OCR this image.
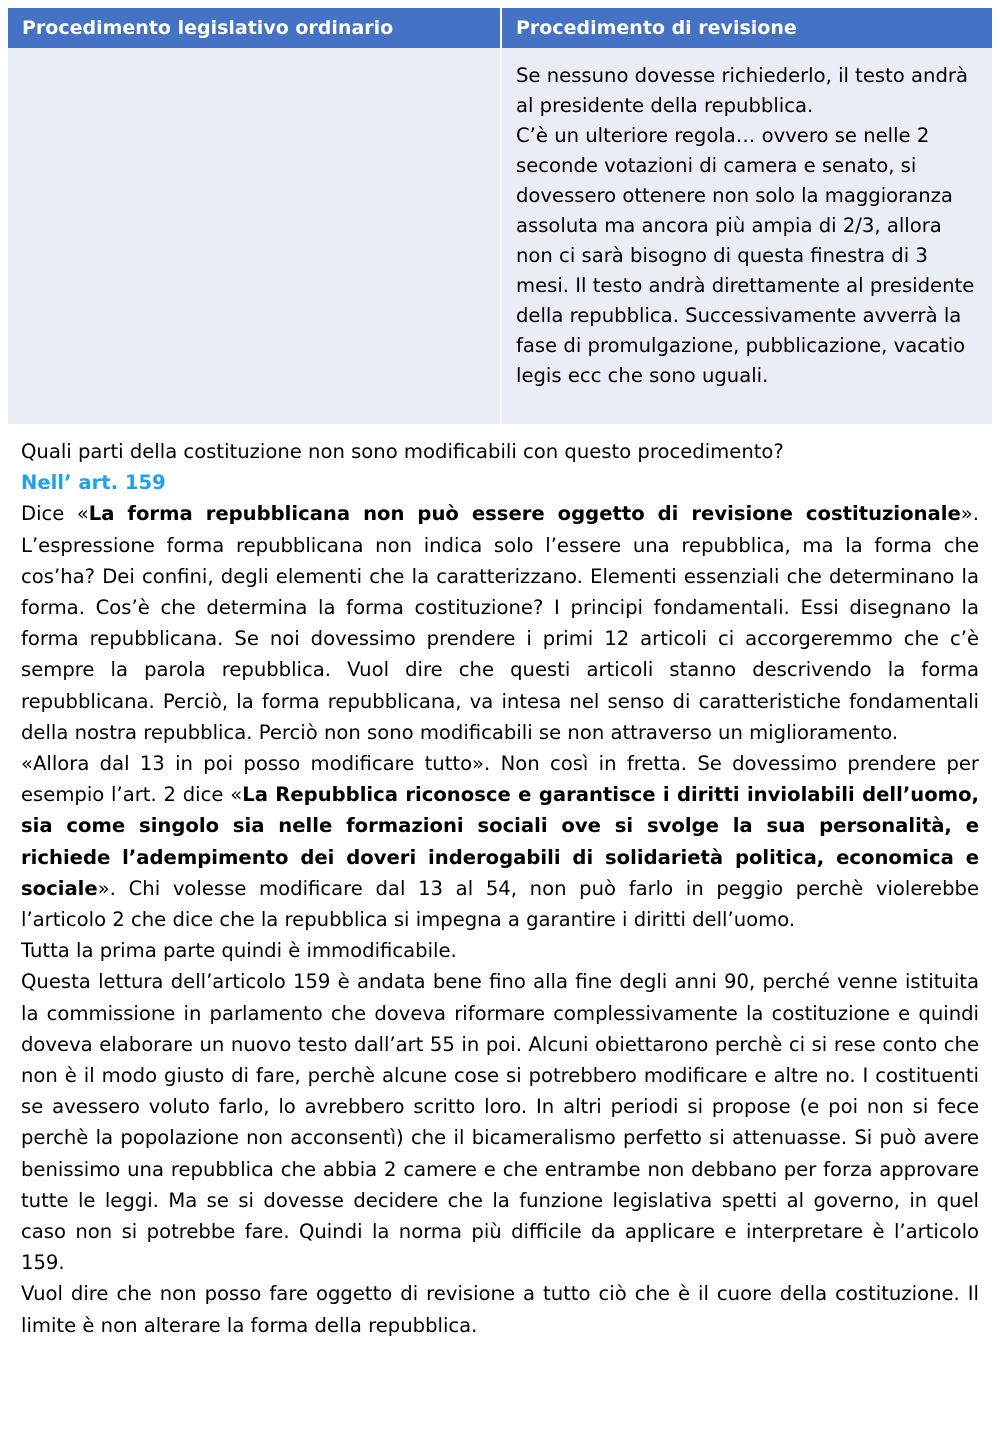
Procedimento legislativo ordinario	Procedimento di revisione

Se nessuno dovesse richiederlo, il testo andrà al presidente della repubblica.

C’è un ulteriore regola… ovvero se nelle 2 seconde votazioni di camera e senato, si dovessero ottenere non solo la maggioranza assoluta ma ancora più ampia di 2/3, allora non ci sarà bisogno di questa finestra di 3 mesi. Il testo andrà direttamente al presidente della repubblica. Successivamente avverrà la fase di promulgazione, pubblicazione, vacatio legis ecc che sono uguali.

Quali parti della costituzione non sono modificabili con questo procedimento?

Nell’ art. 159

Dice «La forma repubblicana non può essere oggetto di revisione costituzionale». L’espressione forma repubblicana non indica solo l’essere una repubblica, ma la forma che cos’ha? Dei confini, degli elementi che la caratterizzano. Elementi essenziali che determinano la forma. Cos’è che determina la forma costituzione? I principi fondamentali. Essi disegnano la forma repubblicana. Se noi dovessimo prendere i primi 12 articoli ci accorgeremmo che c’è sempre la parola repubblica. Vuol dire che questi articoli stanno descrivendo la forma repubblicana. Perciò, la forma repubblicana, va intesa nel senso di caratteristiche fondamentali della nostra repubblica. Perciò non sono modificabili se non attraverso un miglioramento.

«Allora dal 13 in poi posso modificare tutto». Non così in fretta. Se dovessimo prendere per esempio l’art. 2 dice «La Repubblica riconosce e garantisce i diritti inviolabili dell’uomo, sia come singolo sia nelle formazioni sociali ove si svolge la sua personalità, e richiede l’adempimento dei doveri inderogabili di solidarietà politica, economica e sociale». Chi volesse modificare dal 13 al 54, non può farlo in peggio perchè violerebbe l’articolo 2 che dice che la repubblica si impegna a garantire i diritti dell’uomo.

Tutta la prima parte quindi è immodificabile.

Questa lettura dell’articolo 159 è andata bene fino alla fine degli anni 90, perché venne istituita la commissione in parlamento che doveva riformare complessivamente la costituzione e quindi doveva elaborare un nuovo testo dall’art 55 in poi. Alcuni obiettarono perchè ci si rese conto che non è il modo giusto di fare, perchè alcune cose si potrebbero modificare e altre no. I costituenti se avessero voluto farlo, lo avrebbero scritto loro. In altri periodi si propose (e poi non si fece perchè la popolazione non acconsentì) che il bicameralismo perfetto si attenuasse. Si può avere benissimo una repubblica che abbia 2 camere e che entrambe non debbano per forza approvare tutte le leggi. Ma se si dovesse decidere che la funzione legislativa spetti al governo, in quel caso non si potrebbe fare. Quindi la norma più difficile da applicare e interpretare è l’articolo 159.

Vuol dire che non posso fare oggetto di revisione a tutto ciò che è il cuore della costituzione. Il limite è non alterare la forma della repubblica.
